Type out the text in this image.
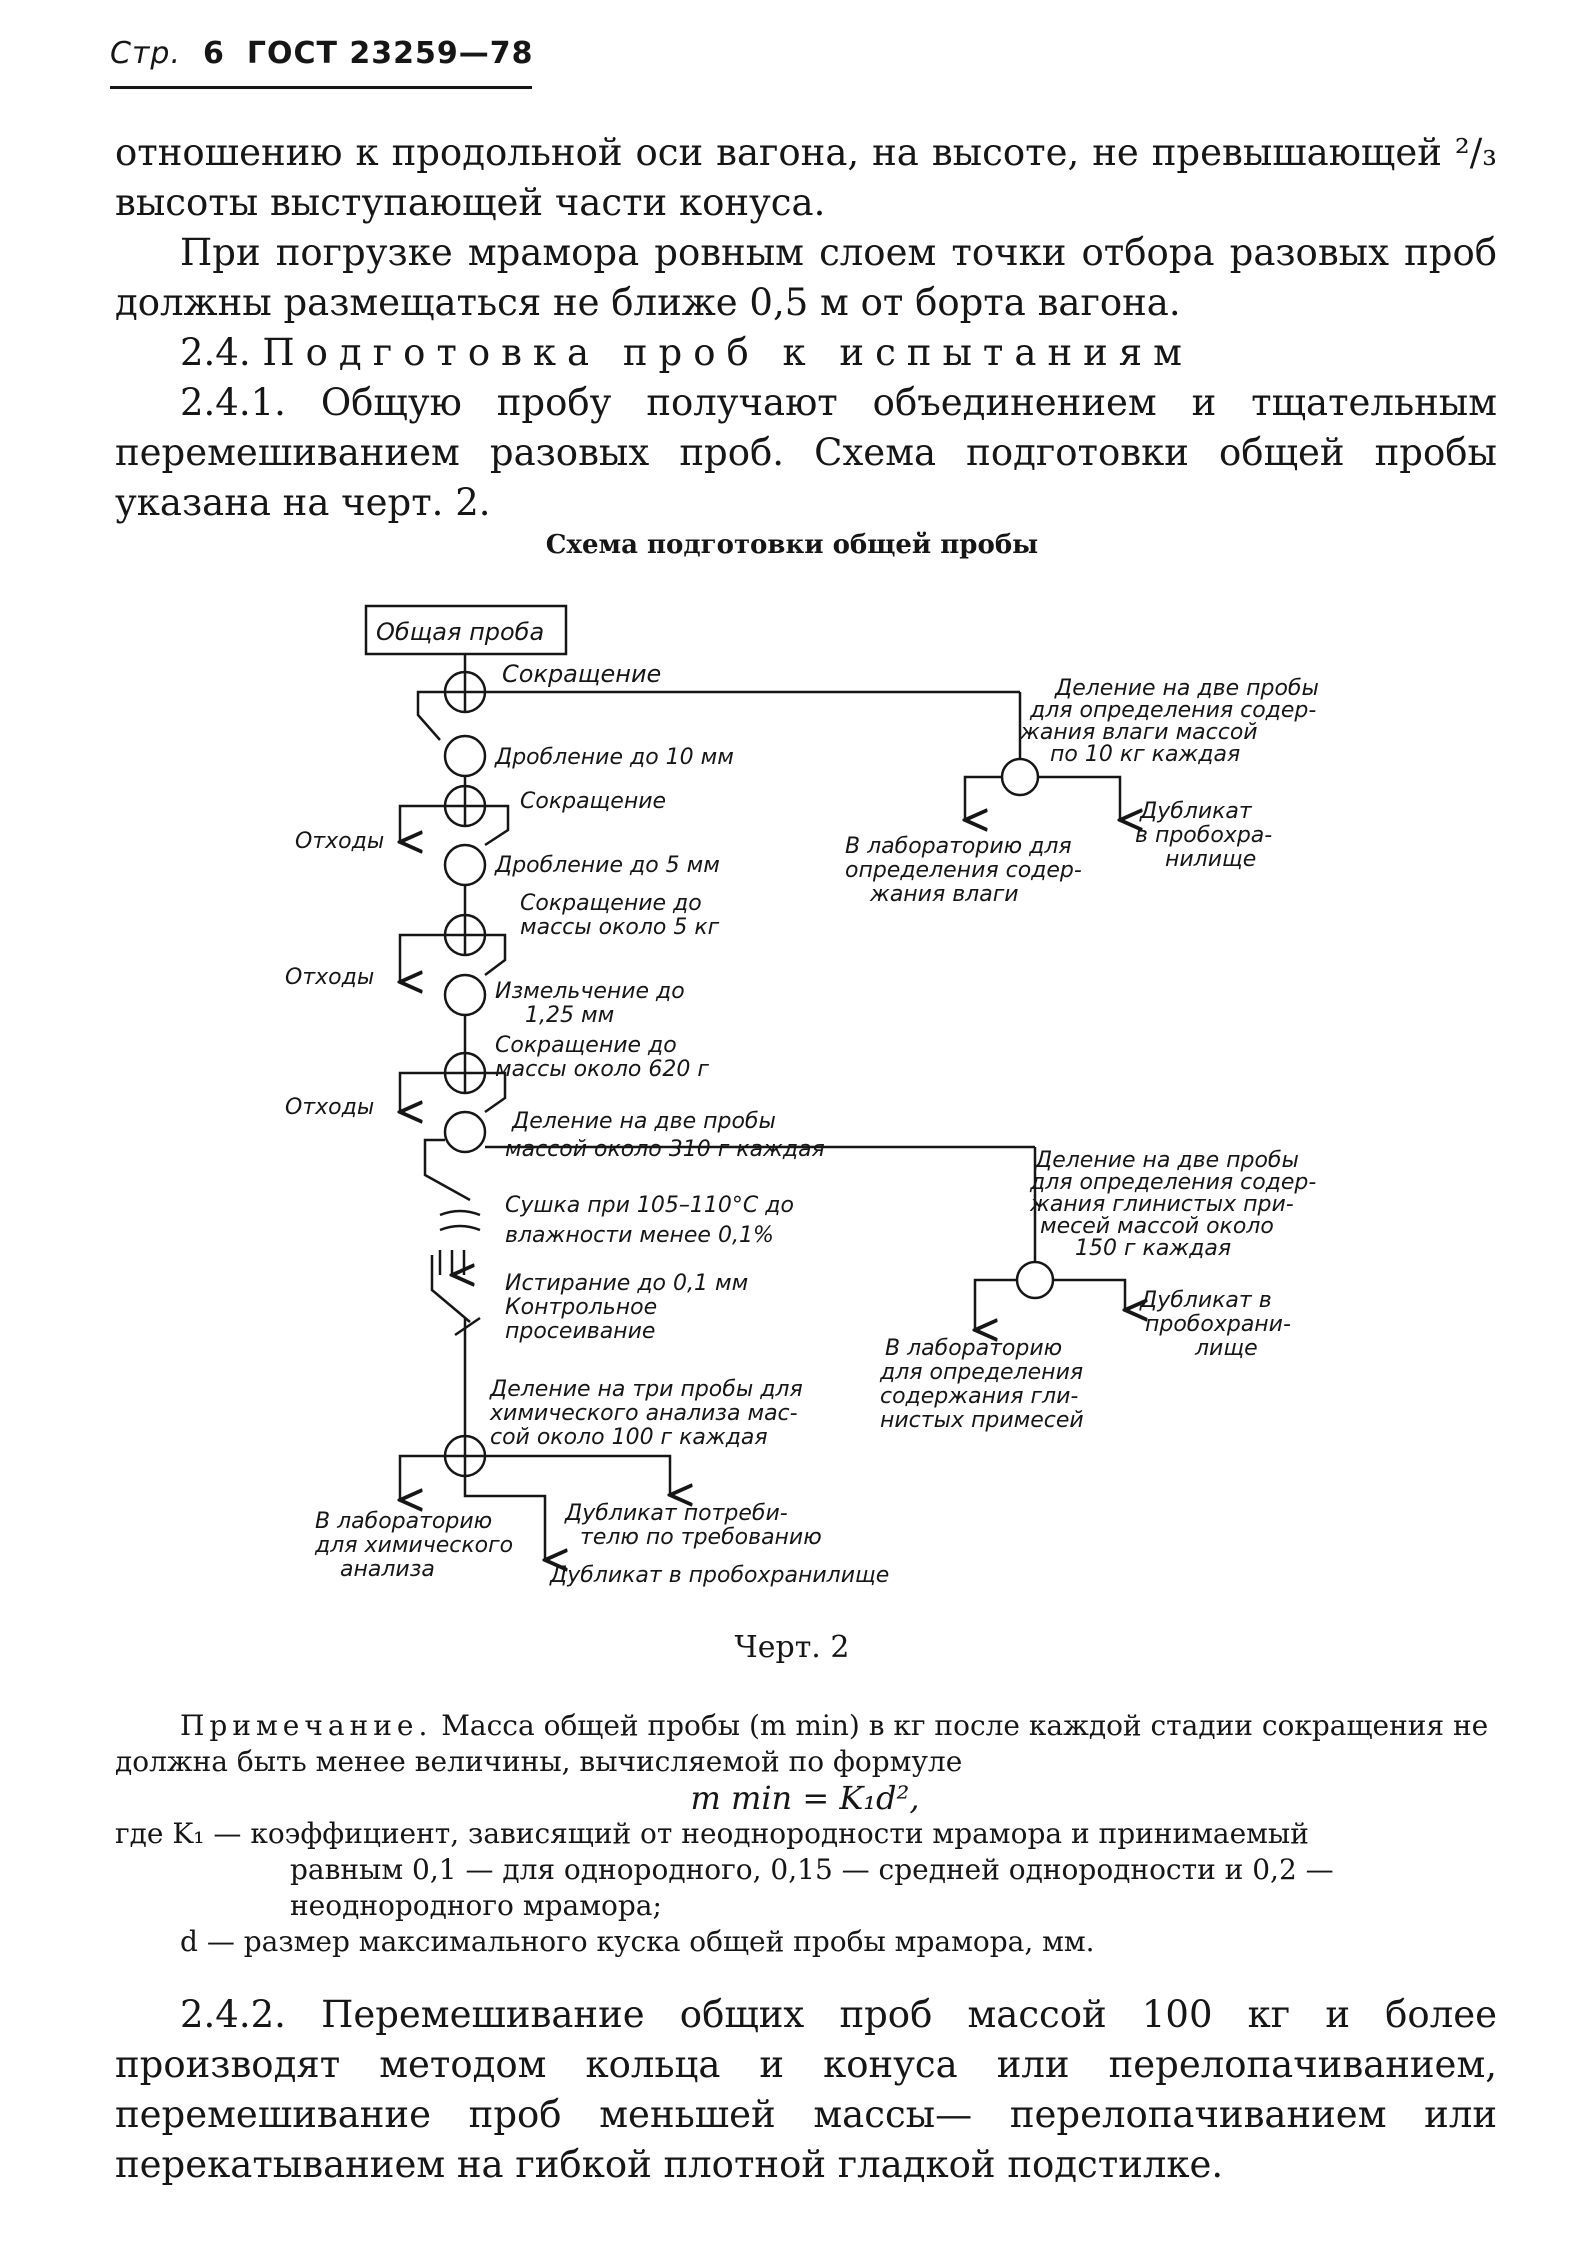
Стр. 6 ГОСТ 23259—78

отношению к продольной оси вагона, на высоте, не превышающей ²/₃ высоты выступающей части конуса.

При погрузке мрамора ровным слоем точки отбора разовых проб должны размещаться не ближе 0,5 м от борта вагона.

2.4. Подготовка проб к испытаниям

2.4.1. Общую пробу получают объединением и тщательным перемешиванием разовых проб. Схема подготовки общей пробы указана на черт. 2.

Схема подготовки общей пробы
Общая проба
Сокращение
Дробление до 10 мм
Сокращение
Отходы
Дробление до 5 мм
Сокращение до массы около 5 кг
Отходы
Измельчение до 1,25 мм
Сокращение до массы около 620 г
Отходы
Деление на две пробы массой около 310 г каждая
Сушка при 105–110°С до влажности менее 0,1%
Истирание до 0,1 мм Контрольное просеивание
Деление на три пробы для химического анализа мас-сой около 100 г каждая
Деление на две пробы для определения содер-жания влаги массой по 10 кг каждая
В лабораторию для определения содер-жания влаги
Дубликат в пробохра-нилище
Деление на две пробы для определения содер-жания глинистых при-месей массой около 150 г каждая
В лабораторию для определения содержания гли-нистых примесей
Дубликат в пробохрани-лище
В лабораторию для химического анализа
Дубликат потреби-телю по требованию
Дубликат в пробохранилище
Черт. 2

Примечание. Масса общей пробы (m min) в кг после каждой стадии сокращения не должна быть менее величины, вычисляемой по формуле

m min = K₁d²,

где K₁ — коэффициент, зависящий от неоднородности мрамора и принимаемый

равным 0,1 — для однородного, 0,15 — средней однородности и 0,2 — неоднородного мрамора;

d — размер максимального куска общей пробы мрамора, мм.

2.4.2. Перемешивание общих проб массой 100 кг и более производят методом кольца и конуса или перелопачиванием, перемешивание проб меньшей массы— перелопачиванием или перекатыванием на гибкой плотной гладкой подстилке.
